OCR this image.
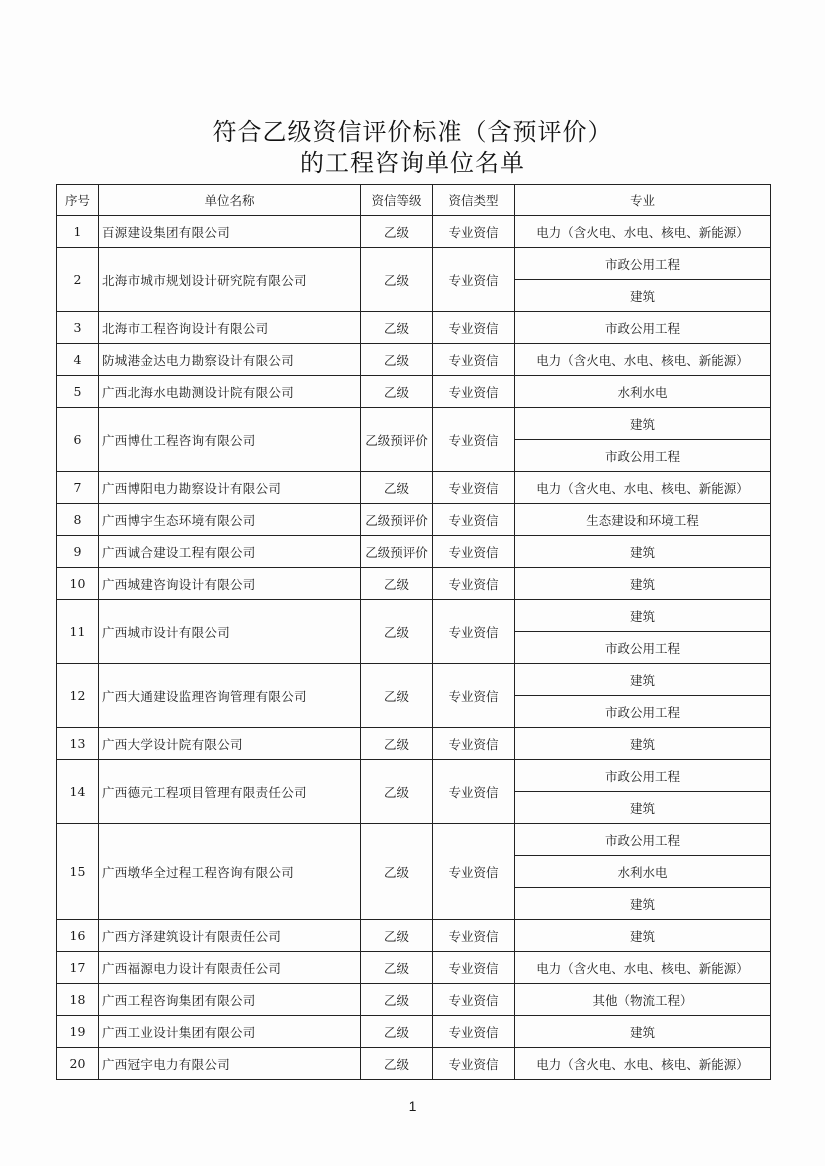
符合乙级资信评价标准（含预评价）
的工程咨询单位名单
序号	单位名称	资信等级	资信类型	专业
1	百源建设集团有限公司	乙级	专业资信	电力（含火电、水电、核电、新能源）
2	北海市城市规划设计研究院有限公司	乙级	专业资信	市政公用工程
				建筑
3	北海市工程咨询设计有限公司	乙级	专业资信	市政公用工程
4	防城港金达电力勘察设计有限公司	乙级	专业资信	电力（含火电、水电、核电、新能源）
5	广西北海水电勘测设计院有限公司	乙级	专业资信	水利水电
6	广西博仕工程咨询有限公司	乙级预评价	专业资信	建筑
				市政公用工程
7	广西博阳电力勘察设计有限公司	乙级	专业资信	电力（含火电、水电、核电、新能源）
8	广西博宇生态环境有限公司	乙级预评价	专业资信	生态建设和环境工程
9	广西诚合建设工程有限公司	乙级预评价	专业资信	建筑
10	广西城建咨询设计有限公司	乙级	专业资信	建筑
11	广西城市设计有限公司	乙级	专业资信	建筑
				市政公用工程
12	广西大通建设监理咨询管理有限公司	乙级	专业资信	建筑
				市政公用工程
13	广西大学设计院有限公司	乙级	专业资信	建筑
14	广西德元工程项目管理有限责任公司	乙级	专业资信	市政公用工程
				建筑
15	广西墩华全过程工程咨询有限公司	乙级	专业资信	市政公用工程
				水利水电
				建筑
16	广西方泽建筑设计有限责任公司	乙级	专业资信	建筑
17	广西福源电力设计有限责任公司	乙级	专业资信	电力（含火电、水电、核电、新能源）
18	广西工程咨询集团有限公司	乙级	专业资信	其他（物流工程）
19	广西工业设计集团有限公司	乙级	专业资信	建筑
20	广西冠宇电力有限公司	乙级	专业资信	电力（含火电、水电、核电、新能源）
1
